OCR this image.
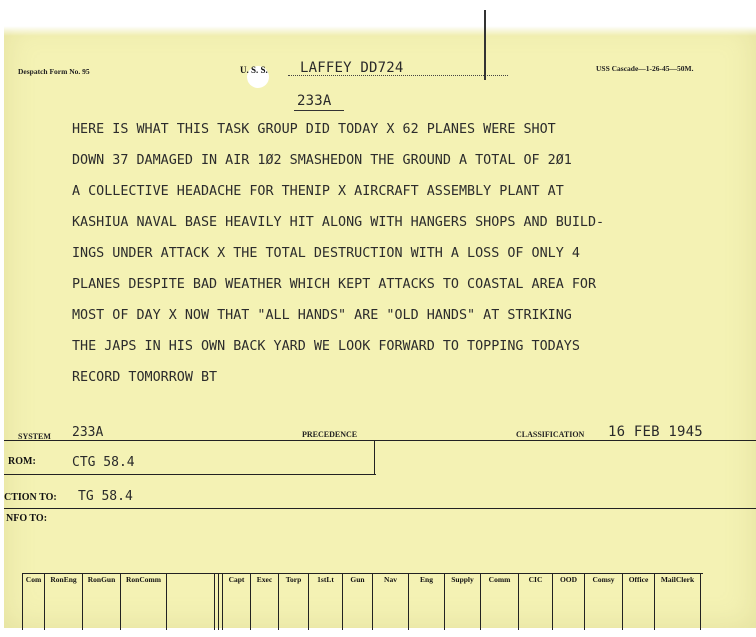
Despatch Form No. 95	U. S. S. LAFFEY DD724	USS Cascade—1-26-45—50M.
233A
HERE IS WHAT THIS TASK GROUP DID TODAY X 62 PLANES WERE SHOT
DOWN 37 DAMAGED IN AIR 1Ø2 SMASHEDON THE GROUND A TOTAL OF 2Ø1
A COLLECTIVE HEADACHE FOR THENIP X AIRCRAFT ASSEMBLY PLANT AT
KASHIUA NAVAL BASE HEAVILY HIT ALONG WITH HANGERS SHOPS AND BUILD-
INGS UNDER ATTACK X THE TOTAL DESTRUCTION WITH A LOSS OF ONLY 4
PLANES DESPITE BAD WEATHER WHICH KEPT ATTACKS TO COASTAL AREA FOR
MOST OF DAY X NOW THAT "ALL HANDS" ARE "OLD HANDS" AT STRIKING
THE JAPS IN HIS OWN BACK YARD WE LOOK FORWARD TO TOPPING TODAYS
RECORD TOMORROW BT
SYSTEM 233A	PRECEDENCE	CLASSIFICATION 16 FEB 1945
ROM:	CTG 58.4
CTION TO: TG 58.4
NFO TO:
Com	RonEng	RonGun	RonComm	Capt	Exec	Torp	1stLt	Gun	Nav	Eng	Supply	Comm	CIC	OOD	Comsy	Office	MailClerk
